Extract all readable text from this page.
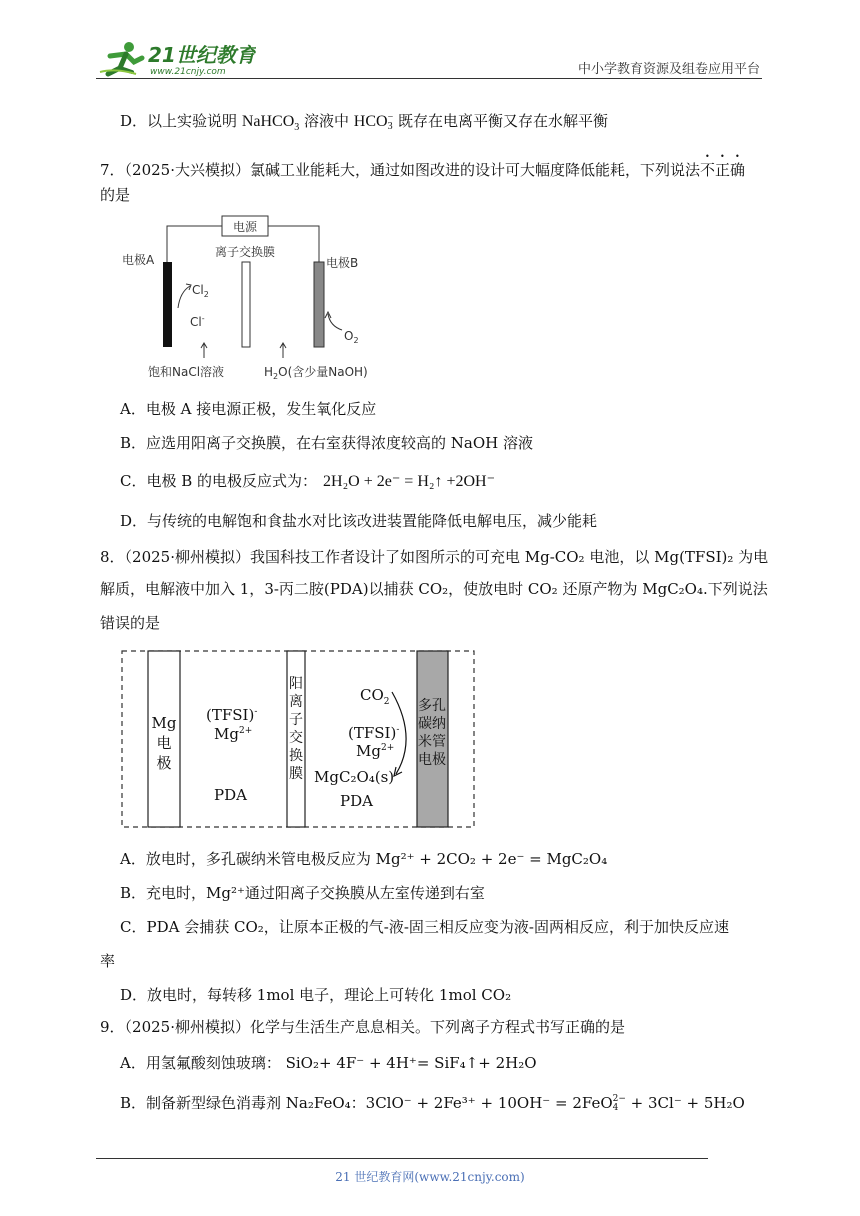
21世纪教育
www.21cnjy.com	中小学教育资源及组卷应用平台
D．以上实验说明 NaHCO$_3$ 溶液中 HCO −
3 既存在电离平衡又存在水解平衡
7．（2025·大兴模拟）氯碱工业能耗大，通过如图改进的设计可大幅度降低能耗，下列说法不正确
的是
电源
离子交换膜
电极A	电极B
$Cl_2$
Cl-
$O_2$
饱和NaCl溶液	$H_2O$(含少量NaOH)
A．电极 A 接电源正极，发生氧化反应
B．应选用阳离子交换膜，在右室获得浓度较高的 NaOH 溶液
C．电极 B 的电极反应式为： 2H₂O + 2e⁻ = H₂↑ +2OH⁻
D．与传统的电解饱和食盐水对比该改进装置能降低电解电压，减少能耗
8．（2025·柳州模拟）我国科技工作者设计了如图所示的可充电 Mg-CO₂ 电池，以 Mg(TFSI)₂ 为电
解质，电解液中加入 1，3-丙二胺(PDA)以捕获 CO₂，使放电时 CO₂ 还原产物为 MgC₂O₄.下列说法
错误的是
Mg
电
极
(TFSI)-
$Mg^{2+}$
PDA
阳
离
子
交
换
膜
$CO_2$
(TFSI)-
$Mg^{2+}$
MgC₂O₄(s)
PDA
多孔
碳纳
米管
电极
A．放电时，多孔碳纳米管电极反应为 Mg²⁺ + 2CO₂ + 2e⁻ = MgC₂O₄
B．充电时，Mg²⁺通过阳离子交换膜从左室传递到右室
C．PDA 会捕获 CO₂，让原本正极的气-液-固三相反应变为液-固两相反应，利于加快反应速
率
D．放电时，每转移 1mol 电子，理论上可转化 1mol CO₂
9．（2025·柳州模拟）化学与生活生产息息相关。下列离子方程式书写正确的是
A．用氢氟酸刻蚀玻璃： SiO₂+ 4F⁻ + 4H⁺= SiF₄↑+ 2H₂O
B．制备新型绿色消毒剂 Na₂FeO₄：3ClO⁻ + 2Fe³⁺ + 10OH⁻ = 2FeO 2−
4 + 3Cl⁻ + 5H₂O
21 世纪教育网(www.21cnjy.com)
